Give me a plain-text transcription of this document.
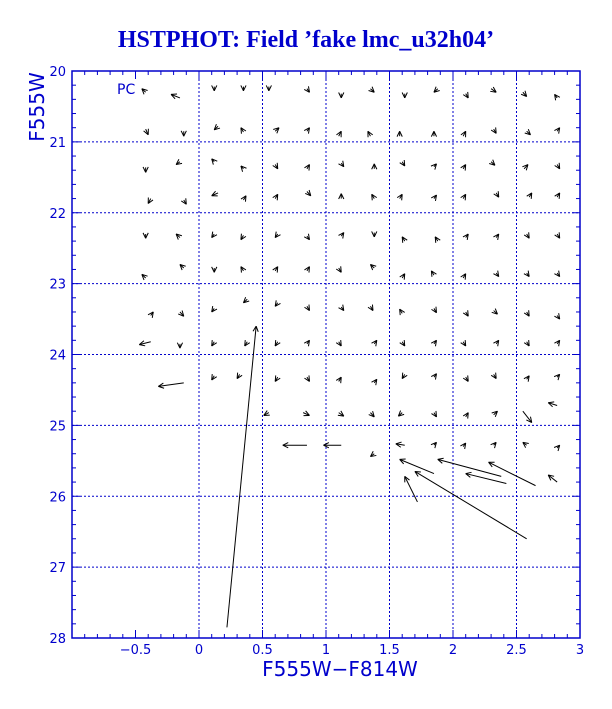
HSTPHOT: Field ’fake lmc_u32h04’
−0.5	0	0.5	1	1.5	2	2.5	3
20
21
22
23
24
25
26
27
28
PC
F555W−F814W
F555W
